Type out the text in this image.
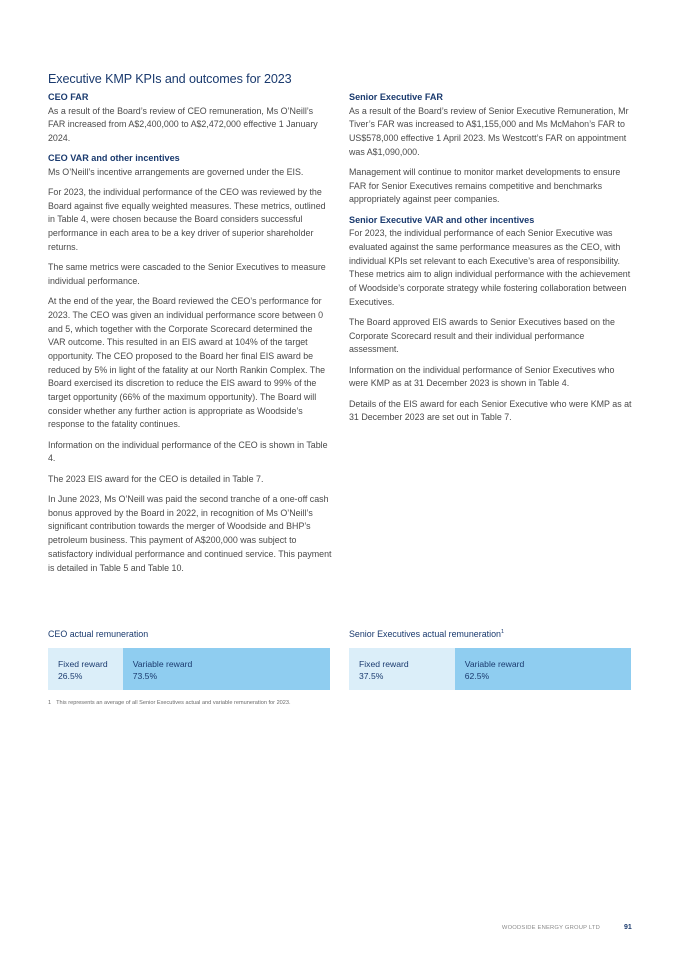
Executive KMP KPIs and outcomes for 2023
CEO FAR

As a result of the Board’s review of CEO remuneration, Ms O’Neill’s FAR increased from A$2,400,000 to A$2,472,000 effective 1 January 2024.

CEO VAR and other incentives

Ms O’Neill’s incentive arrangements are governed under the EIS.

For 2023, the individual performance of the CEO was reviewed by the Board against five equally weighted measures. These metrics, outlined in Table 4, were chosen because the Board considers successful performance in each area to be a key driver of superior shareholder returns.

The same metrics were cascaded to the Senior Executives to measure individual performance.

At the end of the year, the Board reviewed the CEO’s performance for 2023. The CEO was given an individual performance score between 0 and 5, which together with the Corporate Scorecard determined the VAR outcome. This resulted in an EIS award at 104% of the target opportunity. The CEO proposed to the Board her final EIS award be reduced by 5% in light of the fatality at our North Rankin Complex. The Board exercised its discretion to reduce the EIS award to 99% of the target opportunity (66% of the maximum opportunity). The Board will consider whether any further action is appropriate as Woodside’s response to the fatality continues.

Information on the individual performance of the CEO is shown in Table 4.

The 2023 EIS award for the CEO is detailed in Table 7.

In June 2023, Ms O’Neill was paid the second tranche of a one-off cash bonus approved by the Board in 2022, in recognition of Ms O’Neill’s significant contribution towards the merger of Woodside and BHP’s petroleum business. This payment of A$200,000 was subject to satisfactory individual performance and continued service. This payment is detailed in Table 5 and Table 10.

Senior Executive FAR

As a result of the Board’s review of Senior Executive Remuneration, Mr Tiver’s FAR was increased to A$1,155,000 and Ms McMahon’s FAR to US$578,000 effective 1 April 2023. Ms Westcott’s FAR on appointment was A$1,090,000.

Management will continue to monitor market developments to ensure FAR for Senior Executives remains competitive and benchmarks appropriately against peer companies.

Senior Executive VAR and other incentives

For 2023, the individual performance of each Senior Executive was evaluated against the same performance measures as the CEO, with individual KPIs set relevant to each Executive’s area of responsibility. These metrics aim to align individual performance with the achievement of Woodside’s corporate strategy while fostering collaboration between Executives.

The Board approved EIS awards to Senior Executives based on the Corporate Scorecard result and their individual performance assessment.

Information on the individual performance of Senior Executives who were KMP as at 31 December 2023 is shown in Table 4.

Details of the EIS award for each Senior Executive who were KMP as at 31 December 2023 are set out in Table 7.

CEO actual remuneration
Fixed reward
26.5%
Variable reward
73.5%
Senior Executives actual remuneration$^1$
Fixed reward
37.5%
Variable reward
62.5%
1 This represents an average of all Senior Executives actual and variable remuneration for 2023.
WOODSIDE ENERGY GROUP LTD	91
